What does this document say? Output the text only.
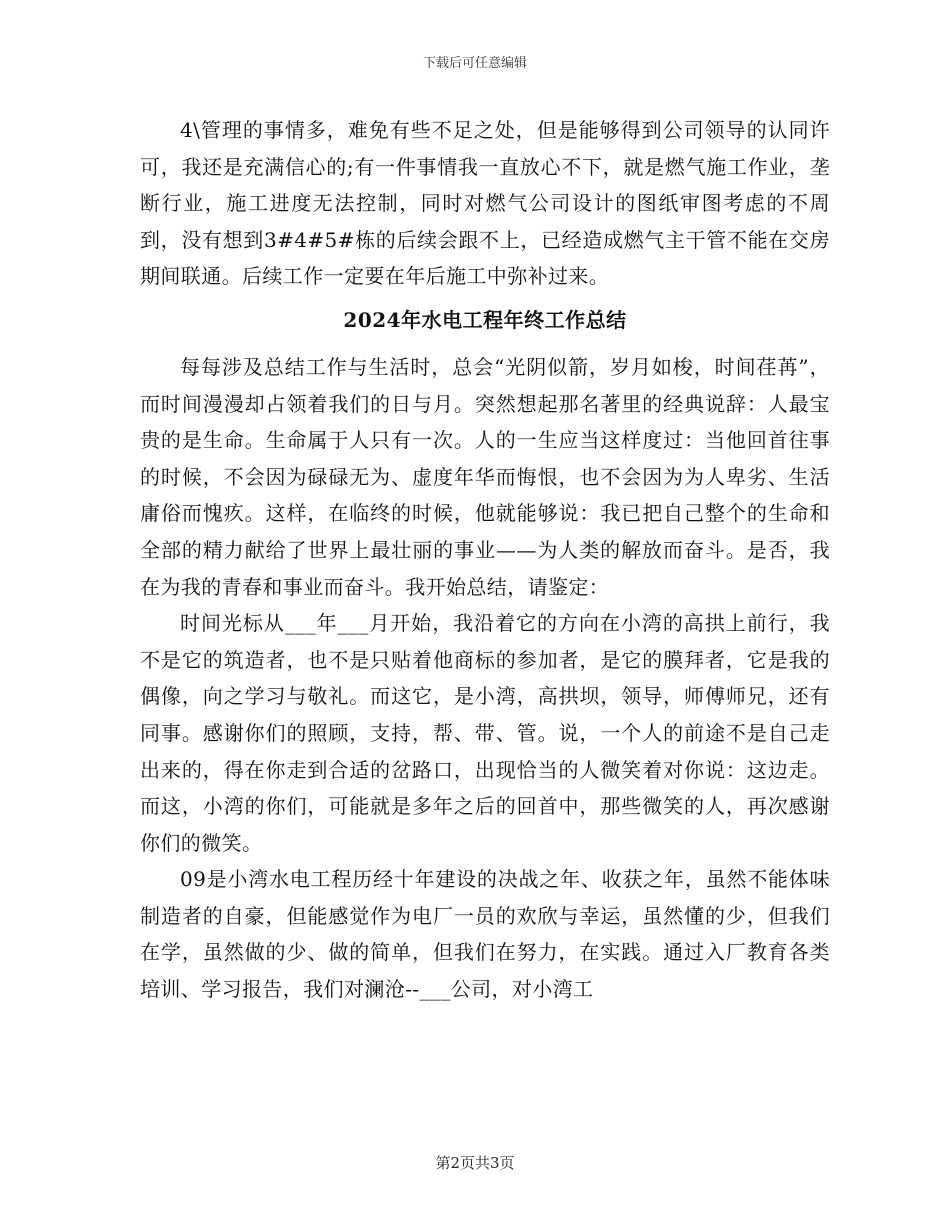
下载后可任意编辑

4\管理的事情多，难免有些不足之处，但是能够得到公司领导的认同许可，我还是充满信心的;有一件事情我一直放心不下，就是燃气施工作业，垄断行业，施工进度无法控制，同时对燃气公司设计的图纸审图考虑的不周到，没有想到3#4#5#栋的后续会跟不上，已经造成燃气主干管不能在交房期间联通。后续工作一定要在年后施工中弥补过来。

2024年水电工程年终工作总结

每每涉及总结工作与生活时，总会“光阴似箭，岁月如梭，时间荏苒”，而时间漫漫却占领着我们的日与月。突然想起那名著里的经典说辞：人最宝贵的是生命。生命属于人只有一次。人的一生应当这样度过：当他回首往事的时候，不会因为碌碌无为、虚度年华而悔恨，也不会因为为人卑劣、生活庸俗而愧疚。这样，在临终的时候，他就能够说：我已把自己整个的生命和全部的精力献给了世界上最壮丽的事业——为人类的解放而奋斗。是否，我在为我的青春和事业而奋斗。我开始总结，请鉴定：

时间光标从___年___月开始，我沿着它的方向在小湾的高拱上前行，我不是它的筑造者，也不是只贴着他商标的参加者，是它的膜拜者，它是我的偶像，向之学习与敬礼。而这它，是小湾，高拱坝，领导，师傅师兄，还有同事。感谢你们的照顾，支持，帮、带、管。说，一个人的前途不是自己走出来的，得在你走到合适的岔路口，出现恰当的人微笑着对你说：这边走。而这，小湾的你们，可能就是多年之后的回首中，那些微笑的人，再次感谢你们的微笑。

09是小湾水电工程历经十年建设的决战之年、收获之年，虽然不能体味制造者的自豪，但能感觉作为电厂一员的欢欣与幸运，虽然懂的少，但我们在学，虽然做的少、做的简单，但我们在努力，在实践。通过入厂教育各类培训、学习报告，我们对澜沧--___公司，对小湾工

第2页共3页
